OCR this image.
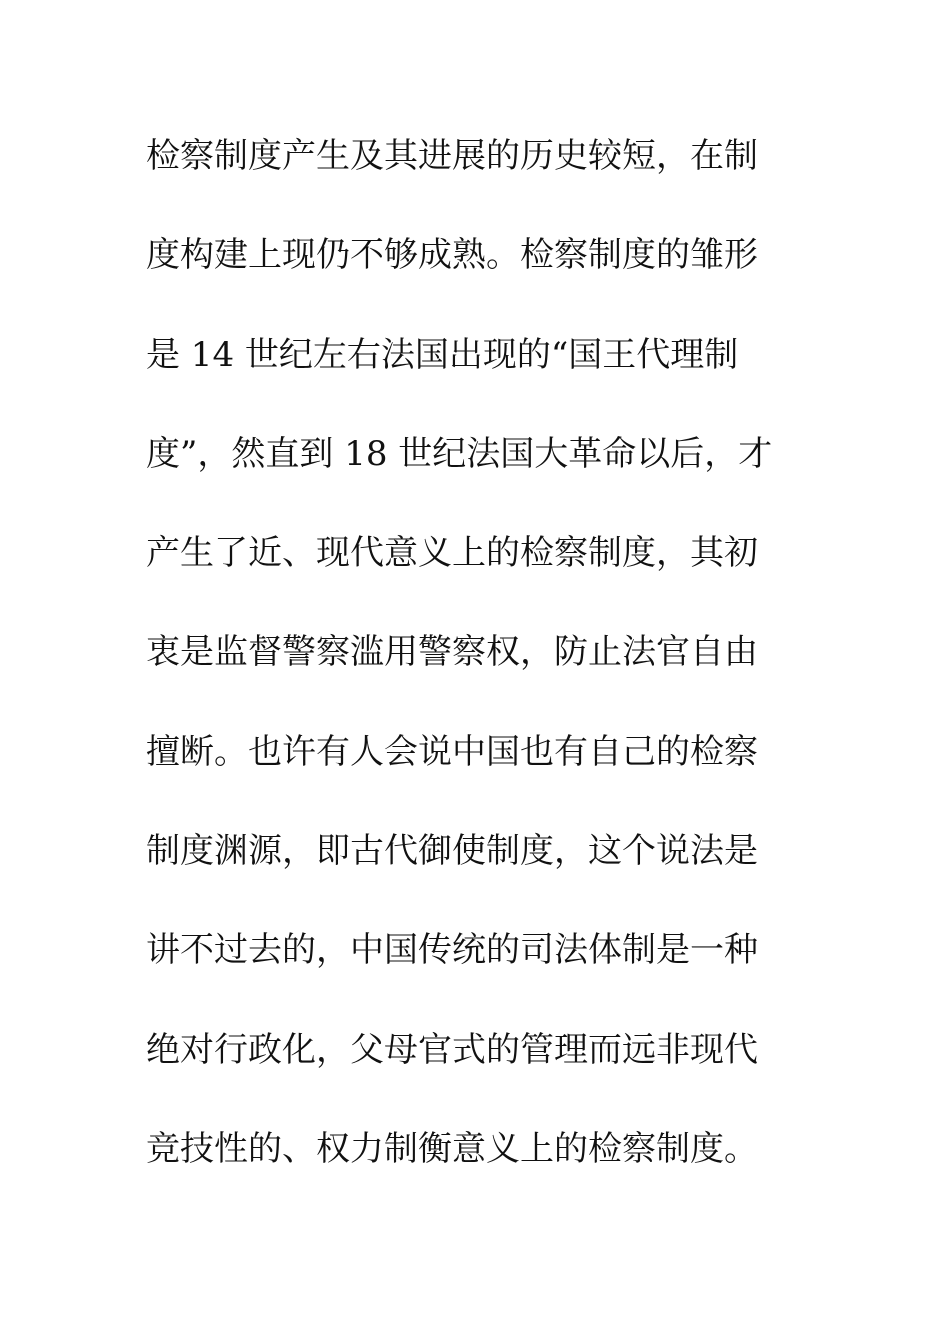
检察制度产生及其进展的历史较短，在制
度构建上现仍不够成熟。检察制度的雏形
是 14 世纪左右法国出现的“国王代理制
度”，然直到 18 世纪法国大革命以后，才
产生了近、现代意义上的检察制度，其初
衷是监督警察滥用警察权，防止法官自由
擅断。也许有人会说中国也有自己的检察
制度渊源，即古代御使制度，这个说法是
讲不过去的，中国传统的司法体制是一种
绝对行政化，父母官式的管理而远非现代
竞技性的、权力制衡意义上的检察制度。
